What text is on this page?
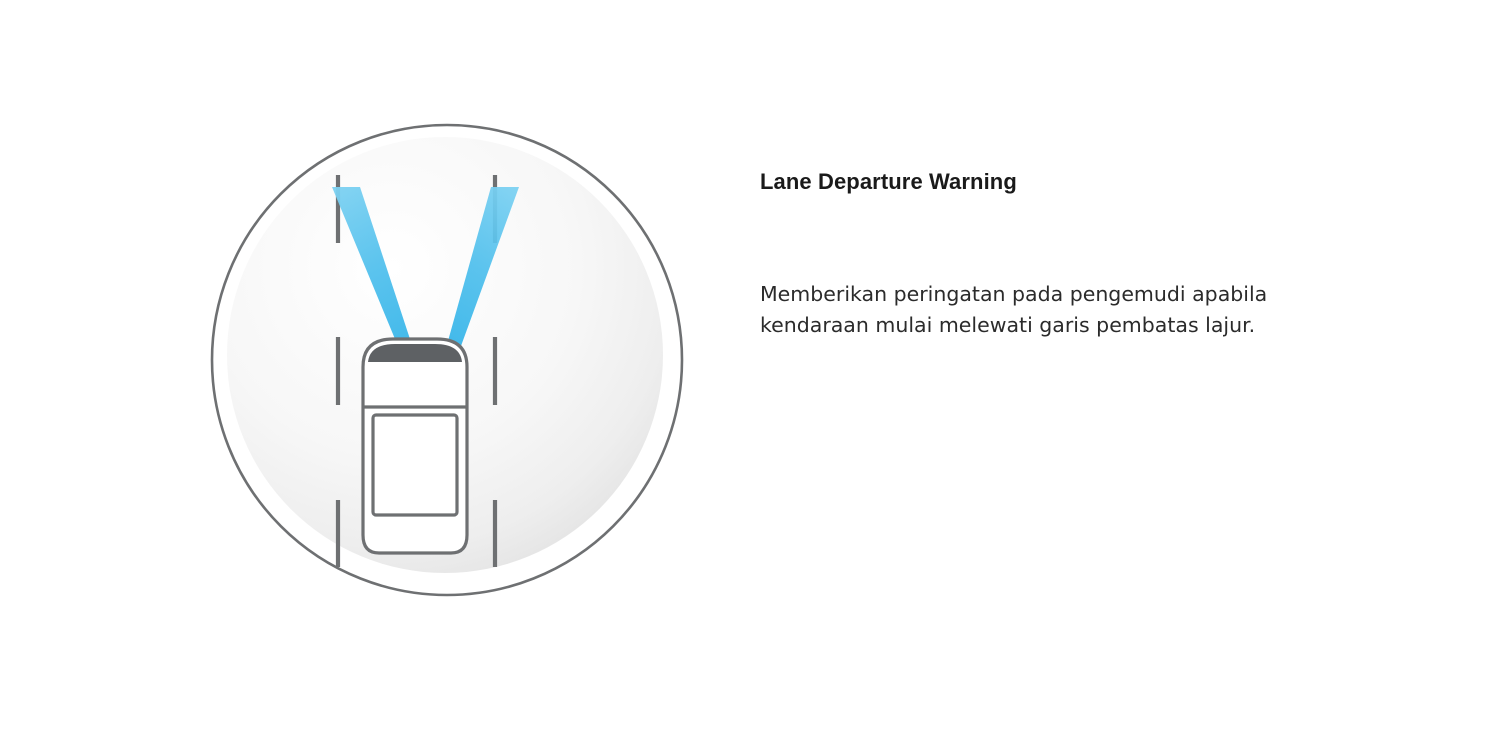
Lane Departure Warning

Memberikan peringatan pada pengemudi apabila kendaraan mulai melewati garis pembatas lajur.
